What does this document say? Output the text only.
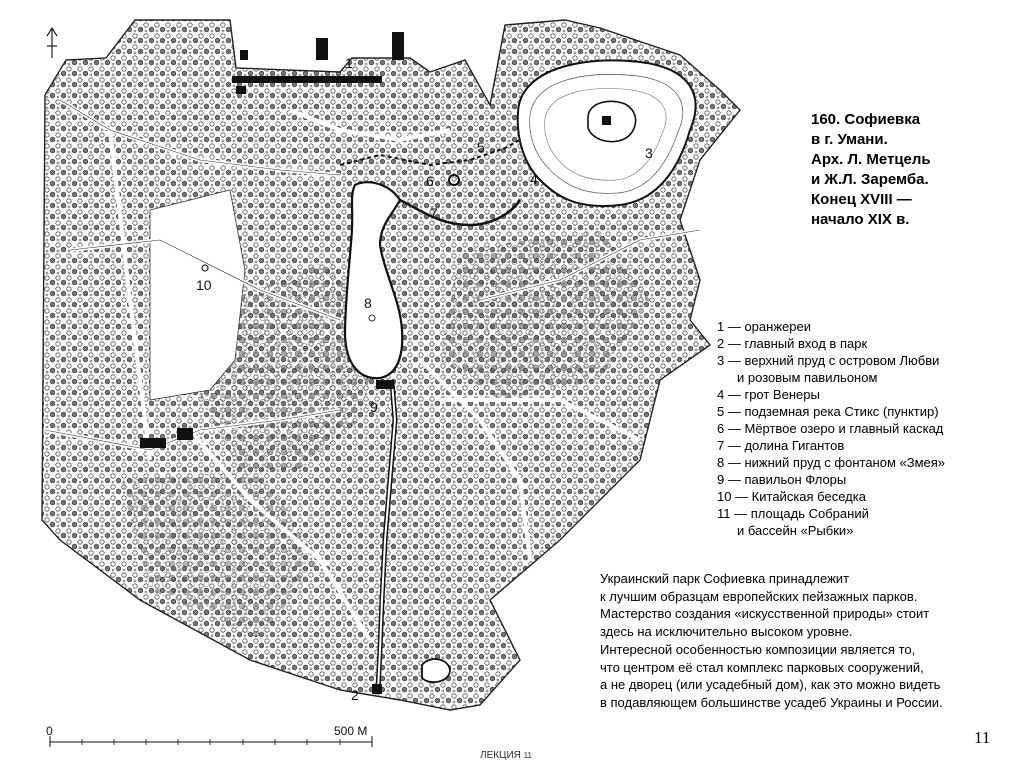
1
2
3
4
5
6
7
8
9
10
0	500 М
160. Софиевка
в г. Умани.
Арх. Л. Метцель
и Ж.Л. Заремба.
Конец XVIII —
начало XIX в.
1 — оранжереи
2 — главный вход в парк
3 — верхний пруд с островом Любви
и розовым павильоном
4 — грот Венеры
5 — подземная река Стикс (пунктир)
6 — Мёртвое озеро и главный каскад
7 — долина Гигантов
8 — нижний пруд с фонтаном «Змея»
9 — павильон Флоры
10 — Китайская беседка
11 — площадь Собраний
и бассейн «Рыбки»
Украинский парк Софиевка принадлежит
к лучшим образцам европейских пейзажных парков.
Мастерство создания «искусственной природы» стоит
здесь на исключительно высоком уровне.
Интересной особенностью композиции является то,
что центром её стал комплекс парковых сооружений,
а не дворец (или усадебный дом), как это можно видеть
в подавляющем большинстве усадеб Украины и России.
11
ЛЕКЦИЯ 11
